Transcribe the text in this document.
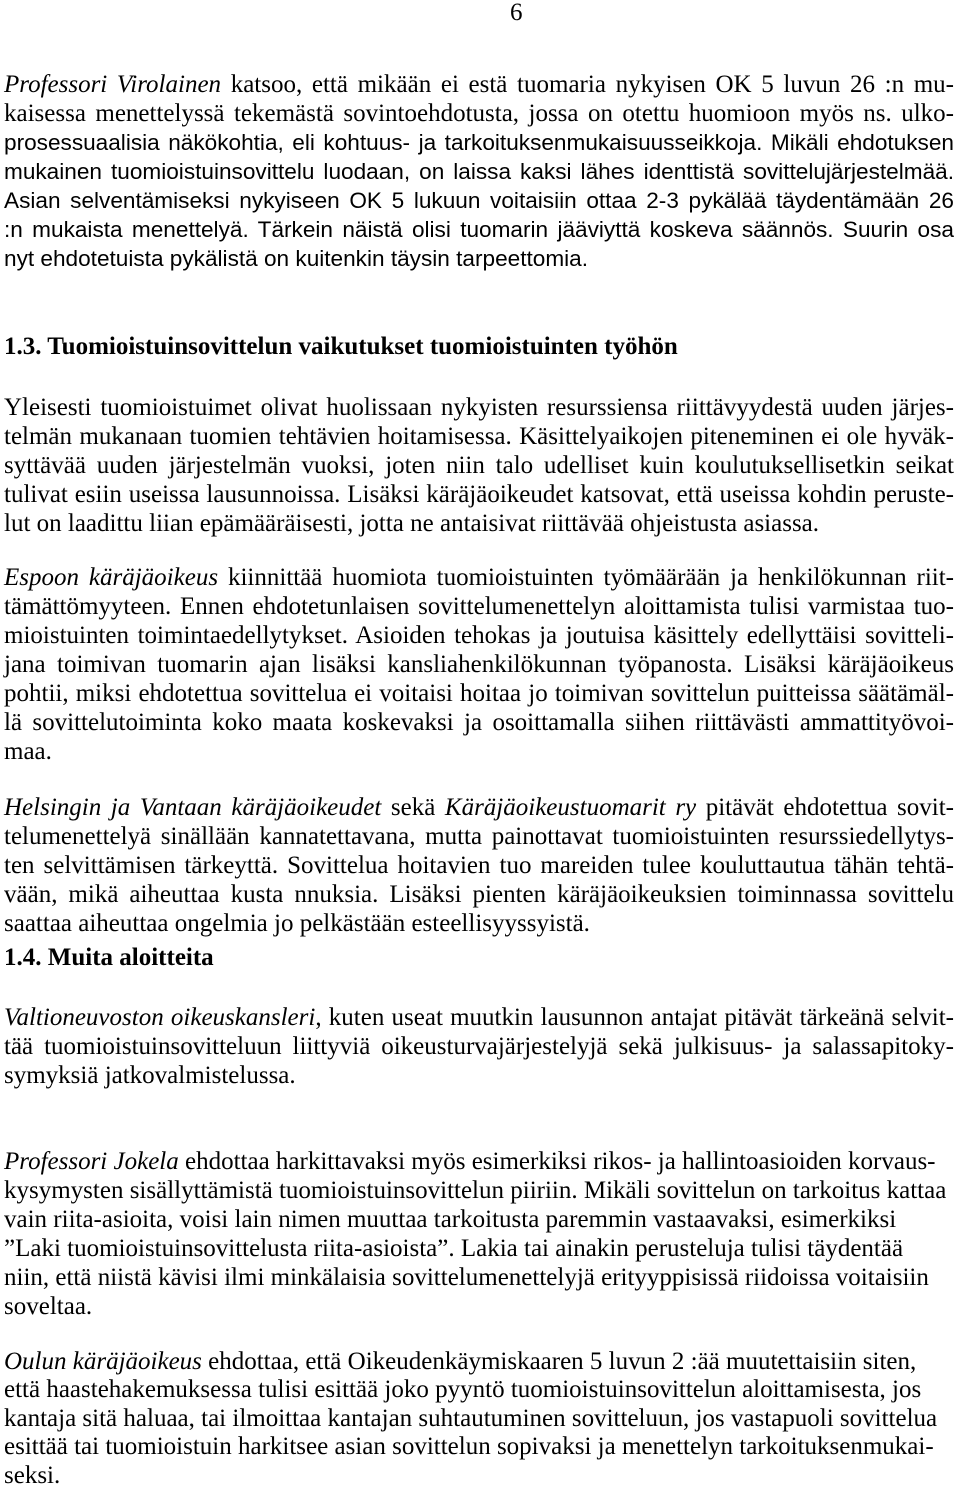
6
Professori Virolainen katsoo, että mikään ei estä tuomaria nykyisen OK 5 luvun 26 :n mu-
kaisessa menettelyssä tekemästä sovintoehdotusta, jossa on otettu huomioon myös ns. ulko-
prosessuaalisia näkökohtia, eli kohtuus- ja tarkoituksenmukaisuusseikkoja. Mikäli ehdotuksen
mukainen tuomioistuinsovittelu luodaan, on laissa kaksi lähes identtistä sovittelujärjestelmää.
Asian selventämiseksi nykyiseen OK 5 lukuun voitaisiin ottaa 2-3 pykälää täydentämään 26
:n mukaista menettelyä. Tärkein näistä olisi tuomarin jääviyttä koskeva säännös. Suurin osa
nyt ehdotetuista pykälistä on kuitenkin täysin tarpeettomia.
1.3. Tuomioistuinsovittelun vaikutukset tuomioistuinten työhön
Yleisesti tuomioistuimet olivat huolissaan nykyisten resurssiensa riittävyydestä uuden järjes-
telmän mukanaan tuomien tehtävien hoitamisessa. Käsittelyaikojen piteneminen ei ole hyväk-
syttävää uuden järjestelmän vuoksi, joten niin talo udelliset kuin koulutuksellisetkin seikat
tulivat esiin useissa lausunnoissa. Lisäksi käräjäoikeudet katsovat, että useissa kohdin peruste-
lut on laadittu liian epämääräisesti, jotta ne antaisivat riittävää ohjeistusta asiassa.
Espoon käräjäoikeus kiinnittää huomiota tuomioistuinten työmäärään ja henkilökunnan riit-
tämättömyyteen. Ennen ehdotetunlaisen sovittelumenettelyn aloittamista tulisi varmistaa tuo-
mioistuinten toimintaedellytykset. Asioiden tehokas ja joutuisa käsittely edellyttäisi sovitteli-
jana toimivan tuomarin ajan lisäksi kansliahenkilökunnan työpanosta. Lisäksi käräjäoikeus
pohtii, miksi ehdotettua sovittelua ei voitaisi hoitaa jo toimivan sovittelun puitteissa säätämäl-
lä sovittelutoiminta koko maata koskevaksi ja osoittamalla siihen riittävästi ammattityövoi-
maa.
Helsingin ja Vantaan käräjäoikeudet sekä Käräjäoikeustuomarit ry pitävät ehdotettua sovit-
telumenettelyä sinällään kannatettavana, mutta painottavat tuomioistuinten resurssiedellytys-
ten selvittämisen tärkeyttä. Sovittelua hoitavien tuo mareiden tulee kouluttautua tähän tehtä-
vään, mikä aiheuttaa kusta nnuksia. Lisäksi pienten käräjäoikeuksien toiminnassa sovittelu
saattaa aiheuttaa ongelmia jo pelkästään esteellisyyssyistä.
1.4. Muita aloitteita
Valtioneuvoston oikeuskansleri, kuten useat muutkin lausunnon antajat pitävät tärkeänä selvit-
tää tuomioistuinsovitteluun liittyviä oikeusturvajärjestelyjä sekä julkisuus- ja salassapitoky-
symyksiä jatkovalmistelussa.
Professori Jokela ehdottaa harkittavaksi myös esimerkiksi rikos- ja hallintoasioiden korvaus-
kysymysten sisällyttämistä tuomioistuinsovittelun piiriin. Mikäli sovittelun on tarkoitus kattaa
vain riita-asioita, voisi lain nimen muuttaa tarkoitusta paremmin vastaavaksi, esimerkiksi
”Laki tuomioistuinsovittelusta riita-asioista”. Lakia tai ainakin perusteluja tulisi täydentää
niin, että niistä kävisi ilmi minkälaisia sovittelumenettelyjä erityyppisissä riidoissa voitaisiin
soveltaa.
Oulun käräjäoikeus ehdottaa, että Oikeudenkäymiskaaren 5 luvun 2 :ää muutettaisiin siten,
että haastehakemuksessa tulisi esittää joko pyyntö tuomioistuinsovittelun aloittamisesta, jos
kantaja sitä haluaa, tai ilmoittaa kantajan suhtautuminen sovitteluun, jos vastapuoli sovittelua
esittää tai tuomioistuin harkitsee asian sovittelun sopivaksi ja menettelyn tarkoituksenmukai-
seksi.
